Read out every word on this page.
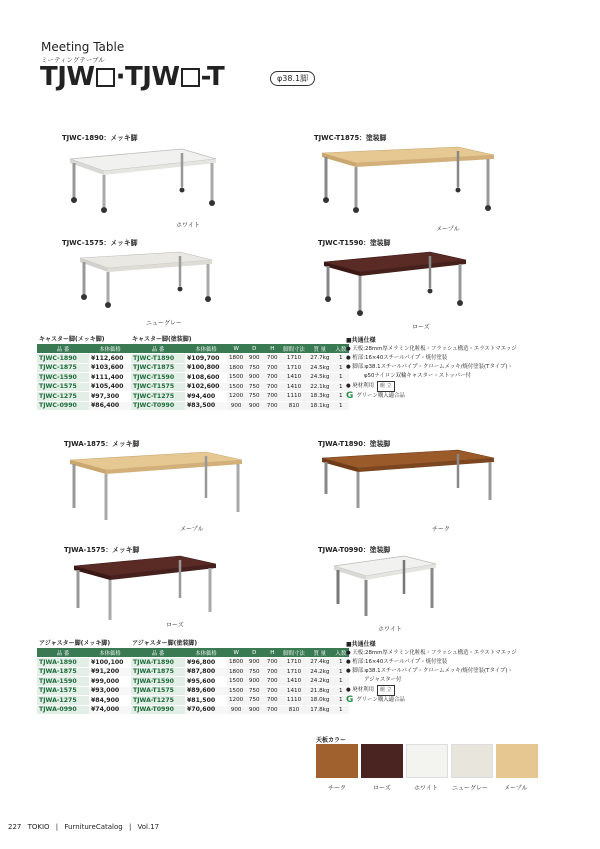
Meeting Table
ミーティングテーブル
TJW ·TJW -T	φ38.1脚
TJWC-1890：メッキ脚
ホワイト
TJWC-T1875：塗装脚
メープル
TJWC-1575：メッキ脚
ニューグレー
TJWC-T1590：塗装脚
ローズ
キャスター脚(メッキ脚)	キャスター脚(塗装脚)
品 番	本体価格	品 番	本体価格	W	D	H	脚間寸法	質 量	入数
TJWC-1890	¥112,600	TJWC-T1890	¥109,700	1800	900	700	1710	27.7kg	1
TJWC-1875	¥103,600	TJWC-T1875	¥100,800	1800	750	700	1710	24.5kg	1
TJWC-1590	¥111,400	TJWC-T1590	¥108,600	1500	900	700	1410	24.5kg	1
TJWC-1575	¥105,400	TJWC-T1575	¥102,600	1500	750	700	1410	22.1kg	1
TJWC-1275	¥97,300	TJWC-T1275	¥94,400	1200	750	700	1110	18.3kg	1
TJWC-0990	¥86,400	TJWC-T0990	¥83,500	900	900	700	810	18.1kg	1
■共通仕様
● 天板:28mm厚メラミン化粧板・フラッシュ構造・エラストマエッジ
● 桁部:16×40スチールパイプ・焼付塗装
● 脚部:φ38.1スチールパイプ・クロームメッキ/焼付塗装(Tタイプ)・
φ50ナイロン双輪キャスター・ストッパー付
● 廃材利用	組 立
G グリーン購入適合品
TJWA-1875：メッキ脚
メープル
TJWA-T1890：塗装脚
チーク
TJWA-1575：メッキ脚
ローズ
TJWA-T0990：塗装脚
ホワイト
アジャスター脚(メッキ脚)	アジャスター脚(塗装脚)
品 番	本体価格	品 番	本体価格	W	D	H	脚間寸法	質 量	入数
TJWA-1890	¥100,100	TJWA-T1890	¥96,800	1800	900	700	1710	27.4kg	1
TJWA-1875	¥91,200	TJWA-T1875	¥87,800	1800	750	700	1710	24.2kg	1
TJWA-1590	¥99,000	TJWA-T1590	¥95,600	1500	900	700	1410	24.2kg	1
TJWA-1575	¥93,000	TJWA-T1575	¥89,600	1500	750	700	1410	21.8kg	1
TJWA-1275	¥84,900	TJWA-T1275	¥81,500	1200	750	700	1110	18.0kg	1
TJWA-0990	¥74,000	TJWA-T0990	¥70,600	900	900	700	810	17.8kg	1
■共通仕様
● 天板:28mm厚メラミン化粧板・フラッシュ構造・エラストマエッジ
● 桁部:16×40スチールパイプ・焼付塗装
● 脚部:φ38.1スチールパイプ・クロームメッキ/焼付塗装(Tタイプ)・
アジャスター付
● 廃材利用	組 立
G グリーン購入適合品
天板カラー
チーク	ローズ	ホワイト ニューグレー	メープル
227 TOKIO | FurnitureCatalog | Vol.17
